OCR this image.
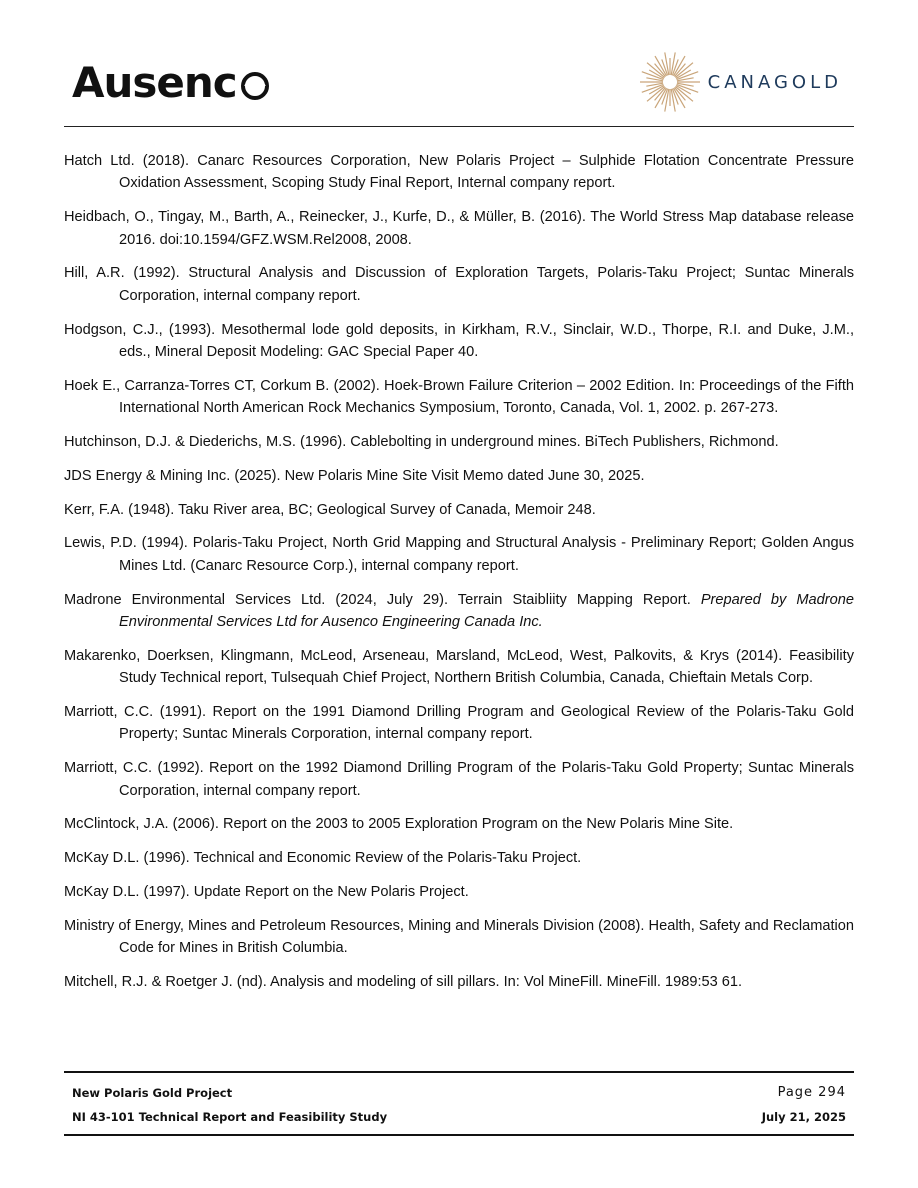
Ausenc	CANAGOLD

Hatch Ltd. (2018). Canarc Resources Corporation, New Polaris Project – Sulphide Flotation Concentrate Pressure Oxidation Assessment, Scoping Study Final Report, Internal company report.

Heidbach, O., Tingay, M., Barth, A., Reinecker, J., Kurfe, D., & Müller, B. (2016). The World Stress Map database release 2016. doi:10.1594/GFZ.WSM.Rel2008, 2008.

Hill, A.R. (1992). Structural Analysis and Discussion of Exploration Targets, Polaris-Taku Project; Suntac Minerals Corporation, internal company report.

Hodgson, C.J., (1993). Mesothermal lode gold deposits, in Kirkham, R.V., Sinclair, W.D., Thorpe, R.I. and Duke, J.M., eds., Mineral Deposit Modeling: GAC Special Paper 40.

Hoek E., Carranza-Torres CT, Corkum B. (2002). Hoek-Brown Failure Criterion – 2002 Edition. In: Proceedings of the Fifth International North American Rock Mechanics Symposium, Toronto, Canada, Vol. 1, 2002. p. 267-273.

Hutchinson, D.J. & Diederichs, M.S. (1996). Cablebolting in underground mines. BiTech Publishers, Richmond.

JDS Energy & Mining Inc. (2025). New Polaris Mine Site Visit Memo dated June 30, 2025.

Kerr, F.A. (1948). Taku River area, BC; Geological Survey of Canada, Memoir 248.

Lewis, P.D. (1994). Polaris-Taku Project, North Grid Mapping and Structural Analysis - Preliminary Report; Golden Angus Mines Ltd. (Canarc Resource Corp.), internal company report.

Madrone Environmental Services Ltd. (2024, July 29). Terrain Staibliity Mapping Report. Prepared by Madrone Environmental Services Ltd for Ausenco Engineering Canada Inc.

Makarenko, Doerksen, Klingmann, McLeod, Arseneau, Marsland, McLeod, West, Palkovits, & Krys (2014). Feasibility Study Technical report, Tulsequah Chief Project, Northern British Columbia, Canada, Chieftain Metals Corp.

Marriott, C.C. (1991). Report on the 1991 Diamond Drilling Program and Geological Review of the Polaris-Taku Gold Property; Suntac Minerals Corporation, internal company report.

Marriott, C.C. (1992). Report on the 1992 Diamond Drilling Program of the Polaris-Taku Gold Property; Suntac Minerals Corporation, internal company report.

McClintock, J.A. (2006). Report on the 2003 to 2005 Exploration Program on the New Polaris Mine Site.

McKay D.L. (1996). Technical and Economic Review of the Polaris-Taku Project.

McKay D.L. (1997). Update Report on the New Polaris Project.

Ministry of Energy, Mines and Petroleum Resources, Mining and Minerals Division (2008). Health, Safety and Reclamation Code for Mines in British Columbia.

Mitchell, R.J. & Roetger J. (nd). Analysis and modeling of sill pillars. In: Vol MineFill. MineFill. 1989:53 61.

New Polaris Gold Project
NI 43-101 Technical Report and Feasibility Study
Page 294
July 21, 2025
